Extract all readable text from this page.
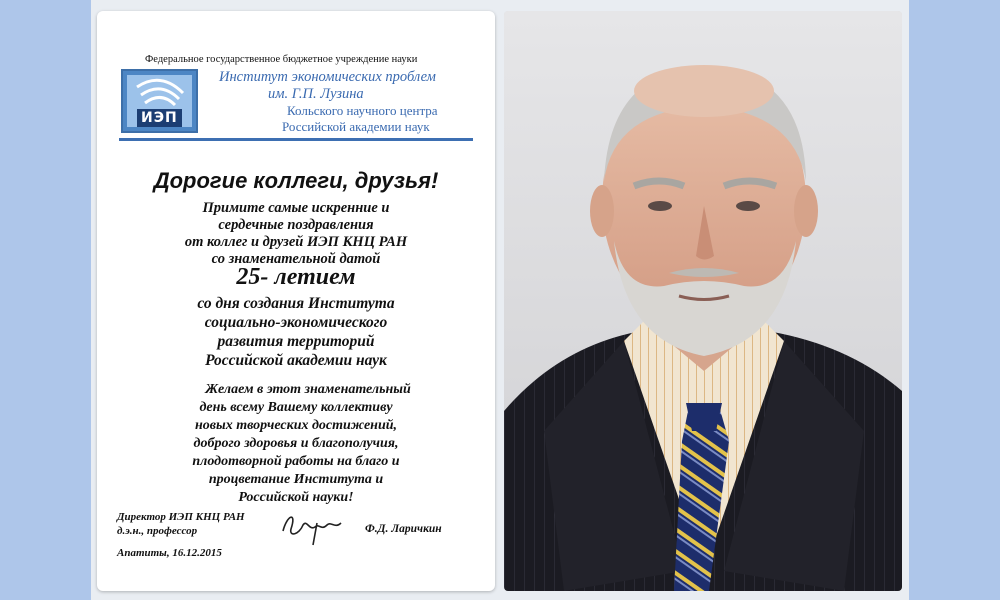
Федеральное государственное бюджетное учреждение науки
ИЭП
Институт экономических проблем
им. Г.П. Лузина
Кольского научного центра
Российской академии наук
Дорогие коллеги, друзья!
Примите самые искренние и
сердечные поздравления
от коллег и друзей ИЭП КНЦ РАН
со знаменательной датой
25- летием
со дня создания Института
социально-экономического
развития территорий
Российской академии наук
Желаем в этот знаменательный
день всему Вашему коллективу
новых творческих достижений,
доброго здоровья и благополучия,
плодотворной работы на благо и
процветание Института и
Российской науки!
Директор ИЭП КНЦ РАН
д.э.н., профессор	Ф.Д. Ларичкин
Апатиты, 16.12.2015
